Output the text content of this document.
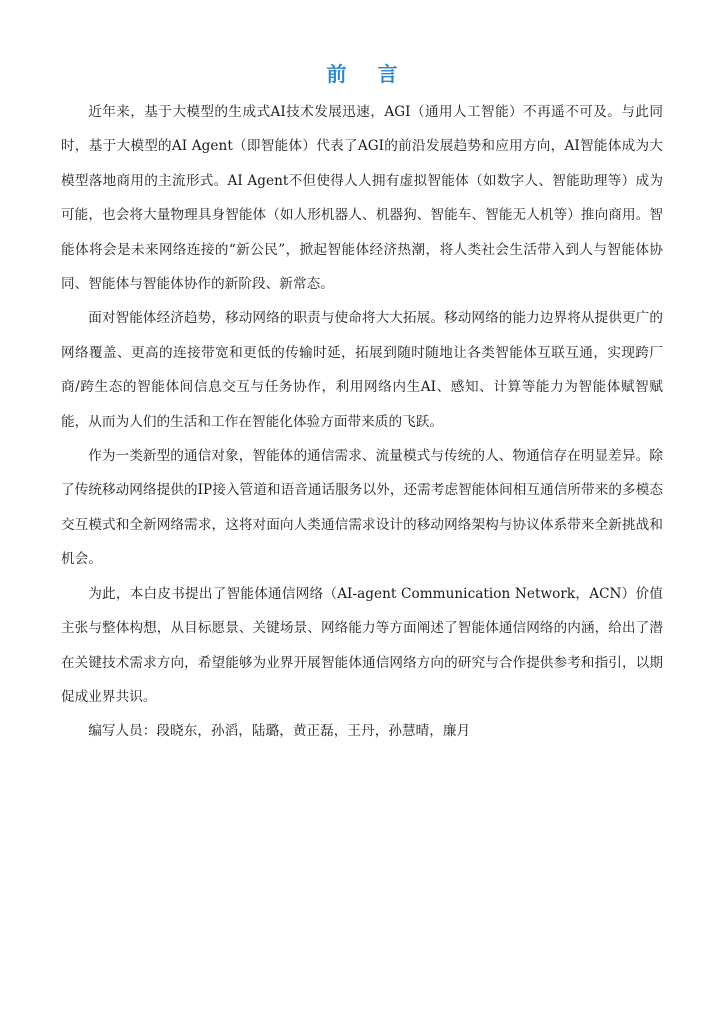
前 言

近年来，基于大模型的生成式AI技术发展迅速，AGI（通用人工智能）不再遥不可及。与此同时，基于大模型的AI Agent（即智能体）代表了AGI的前沿发展趋势和应用方向，AI智能体成为大模型落地商用的主流形式。AI Agent不但使得人人拥有虚拟智能体（如数字人、智能助理等）成为可能，也会将大量物理具身智能体（如人形机器人、机器狗、智能车、智能无人机等）推向商用。智能体将会是未来网络连接的“新公民”，掀起智能体经济热潮，将人类社会生活带入到人与智能体协同、智能体与智能体协作的新阶段、新常态。

面对智能体经济趋势，移动网络的职责与使命将大大拓展。移动网络的能力边界将从提供更广的网络覆盖、更高的连接带宽和更低的传输时延，拓展到随时随地让各类智能体互联互通，实现跨厂商/跨生态的智能体间信息交互与任务协作，利用网络内生AI、感知、计算等能力为智能体赋智赋能，从而为人们的生活和工作在智能化体验方面带来质的飞跃。

作为一类新型的通信对象，智能体的通信需求、流量模式与传统的人、物通信存在明显差异。除了传统移动网络提供的IP接入管道和语音通话服务以外，还需考虑智能体间相互通信所带来的多模态交互模式和全新网络需求，这将对面向人类通信需求设计的移动网络架构与协议体系带来全新挑战和机会。

为此，本白皮书提出了智能体通信网络（AI-agent Communication Network，ACN）价值主张与整体构想，从目标愿景、关键场景、网络能力等方面阐述了智能体通信网络的内涵，给出了潜在关键技术需求方向，希望能够为业界开展智能体通信网络方向的研究与合作提供参考和指引，以期促成业界共识。

编写人员：段晓东，孙滔，陆璐，黄正磊，王丹，孙慧晴，廉月
